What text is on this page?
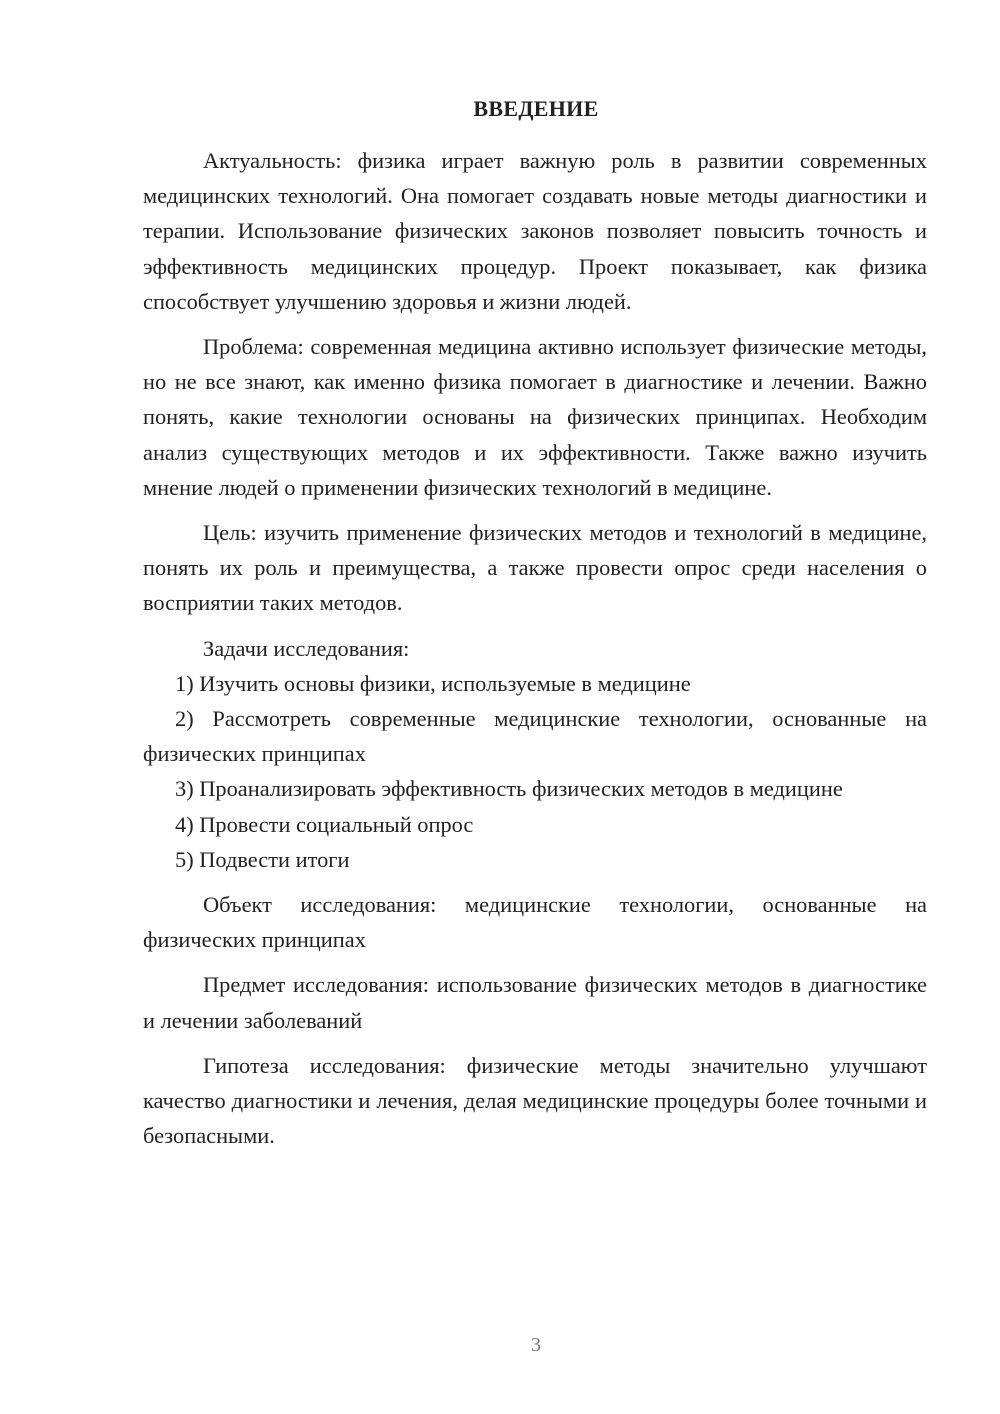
ВВЕДЕНИЕ

Актуальность: физика играет важную роль в развитии современных медицинских технологий. Она помогает создавать новые методы диагностики и терапии. Использование физических законов позволяет повысить точность и эффективность медицинских процедур. Проект показывает, как физика способствует улучшению здоровья и жизни людей.

Проблема: современная медицина активно использует физические методы, но не все знают, как именно физика помогает в диагностике и лечении. Важно понять, какие технологии основаны на физических принципах. Необходим анализ существующих методов и их эффективности. Также важно изучить мнение людей о применении физических технологий в медицине.

Цель: изучить применение физических методов и технологий в медицине, понять их роль и преимущества, а также провести опрос среди населения о восприятии таких методов.

Задачи исследования:

1) Изучить основы физики, используемые в медицине

2) Рассмотреть современные медицинские технологии, основанные на физических принципах

3) Проанализировать эффективность физических методов в медицине

4) Провести социальный опрос

5) Подвести итоги

Объект исследования: медицинские технологии, основанные на физических принципах

Предмет исследования: использование физических методов в диагностике и лечении заболеваний

Гипотеза исследования: физические методы значительно улучшают качество диагностики и лечения, делая медицинские процедуры более точными и безопасными.

3
